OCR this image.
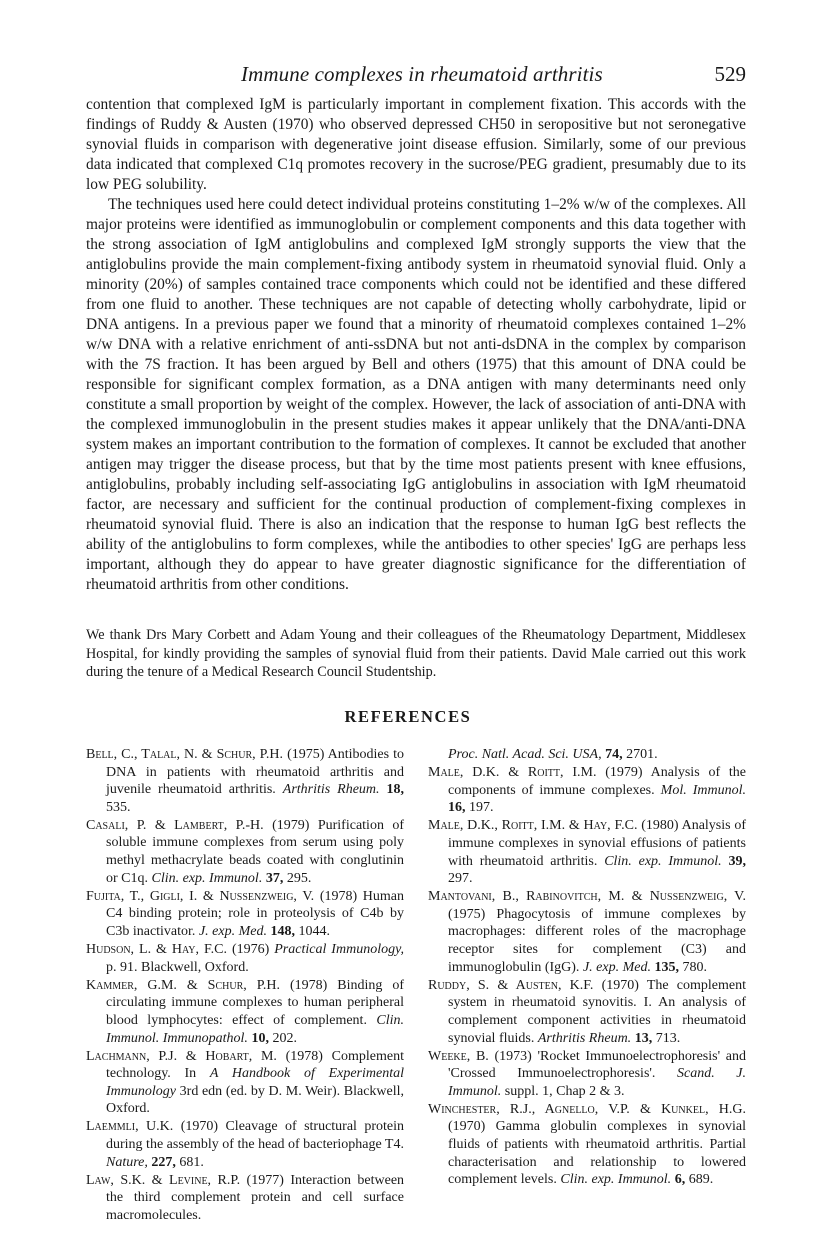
Immune complexes in rheumatoid arthritis	529

contention that complexed IgM is particularly important in complement fixation. This accords with the findings of Ruddy & Austen (1970) who observed depressed CH50 in seropositive but not seronegative synovial fluids in comparison with degenerative joint disease effusion. Similarly, some of our previous data indicated that complexed C1q promotes recovery in the sucrose/PEG gradient, presumably due to its low PEG solubility.

The techniques used here could detect individual proteins constituting 1–2% w/w of the complexes. All major proteins were identified as immunoglobulin or complement components and this data together with the strong association of IgM antiglobulins and complexed IgM strongly supports the view that the antiglobulins provide the main complement-fixing antibody system in rheumatoid synovial fluid. Only a minority (20%) of samples contained trace components which could not be identified and these differed from one fluid to another. These techniques are not capable of detecting wholly carbohydrate, lipid or DNA antigens. In a previous paper we found that a minority of rheumatoid complexes contained 1–2% w/w DNA with a relative enrichment of anti-ssDNA but not anti-dsDNA in the complex by comparison with the 7S fraction. It has been argued by Bell and others (1975) that this amount of DNA could be responsible for significant complex formation, as a DNA antigen with many determinants need only constitute a small proportion by weight of the complex. However, the lack of association of anti-DNA with the complexed immunoglobulin in the present studies makes it appear unlikely that the DNA/anti-DNA system makes an important contribution to the formation of complexes. It cannot be excluded that another antigen may trigger the disease process, but that by the time most patients present with knee effusions, antiglobulins, probably including self-associating IgG antiglobulins in association with IgM rheumatoid factor, are necessary and sufficient for the continual production of complement-fixing complexes in rheumatoid synovial fluid. There is also an indication that the response to human IgG best reflects the ability of the antiglobulins to form complexes, while the antibodies to other species' IgG are perhaps less important, although they do appear to have greater diagnostic significance for the differentiation of rheumatoid arthritis from other conditions.

We thank Drs Mary Corbett and Adam Young and their colleagues of the Rheumatology Department, Middlesex Hospital, for kindly providing the samples of synovial fluid from their patients. David Male carried out this work during the tenure of a Medical Research Council Studentship.

REFERENCES

Bell, C., Talal, N. & Schur, P.H. (1975) Antibodies to DNA in patients with rheumatoid arthritis and juvenile rheumatoid arthritis. Arthritis Rheum. 18, 535.

Casali, P. & Lambert, P.-H. (1979) Purification of soluble immune complexes from serum using poly methyl methacrylate beads coated with conglutinin or C1q. Clin. exp. Immunol. 37, 295.

Fujita, T., Gigli, I. & Nussenzweig, V. (1978) Human C4 binding protein; role in proteolysis of C4b by C3b inactivator. J. exp. Med. 148, 1044.

Hudson, L. & Hay, F.C. (1976) Practical Immunology, p. 91. Blackwell, Oxford.

Kammer, G.M. & Schur, P.H. (1978) Binding of circulating immune complexes to human peripheral blood lymphocytes: effect of complement. Clin. Immunol. Immunopathol. 10, 202.

Lachmann, P.J. & Hobart, M. (1978) Complement technology. In A Handbook of Experimental Immunology 3rd edn (ed. by D. M. Weir). Blackwell, Oxford.

Laemmli, U.K. (1970) Cleavage of structural protein during the assembly of the head of bacteriophage T4. Nature, 227, 681.

Law, S.K. & Levine, R.P. (1977) Interaction between the third complement protein and cell surface macromolecules.

Proc. Natl. Acad. Sci. USA, 74, 2701.

Male, D.K. & Roitt, I.M. (1979) Analysis of the components of immune complexes. Mol. Immunol. 16, 197.

Male, D.K., Roitt, I.M. & Hay, F.C. (1980) Analysis of immune complexes in synovial effusions of patients with rheumatoid arthritis. Clin. exp. Immunol. 39, 297.

Mantovani, B., Rabinovitch, M. & Nussenzweig, V. (1975) Phagocytosis of immune complexes by macrophages: different roles of the macrophage receptor sites for complement (C3) and immunoglobulin (IgG). J. exp. Med. 135, 780.

Ruddy, S. & Austen, K.F. (1970) The complement system in rheumatoid synovitis. I. An analysis of complement component activities in rheumatoid synovial fluids. Arthritis Rheum. 13, 713.

Weeke, B. (1973) 'Rocket Immunoelectrophoresis' and 'Crossed Immunoelectrophoresis'. Scand. J. Immunol. suppl. 1, Chap 2 & 3.

Winchester, R.J., Agnello, V.P. & Kunkel, H.G. (1970) Gamma globulin complexes in synovial fluids of patients with rheumatoid arthritis. Partial characterisation and relationship to lowered complement levels. Clin. exp. Immunol. 6, 689.
